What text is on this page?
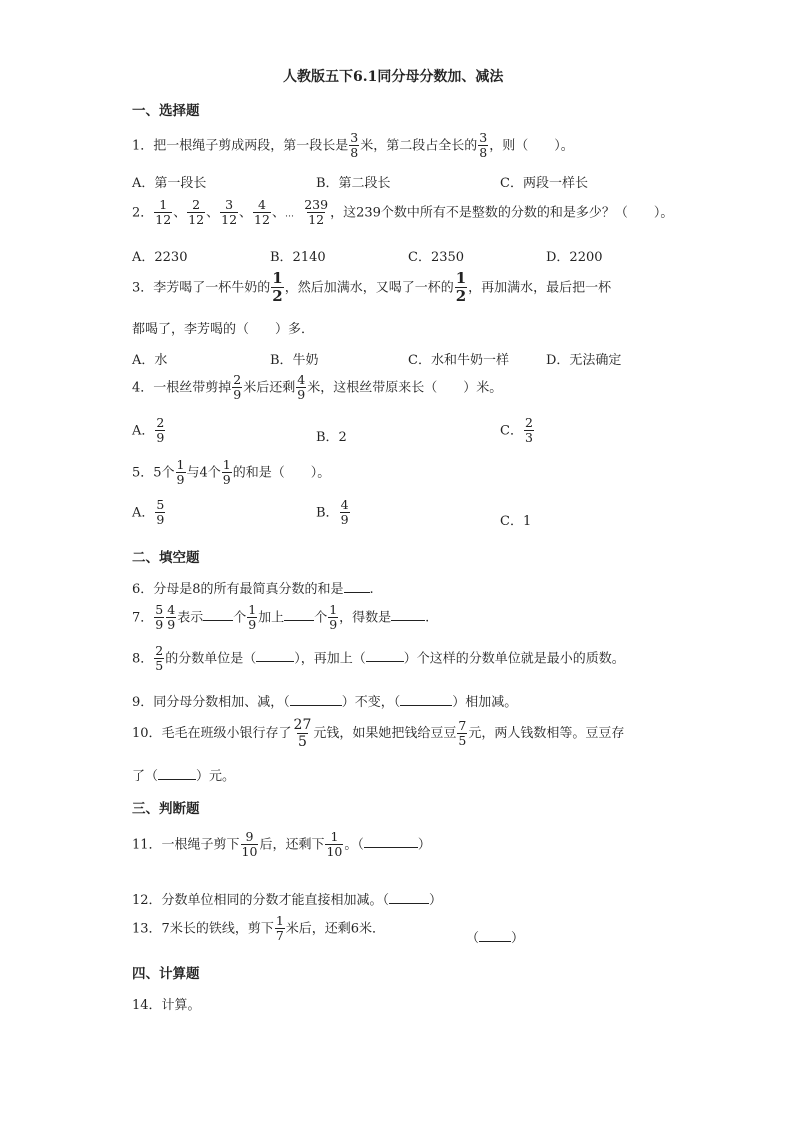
人教版五下6.1同分母分数加、减法
一、选择题
1．把一根绳子剪成两段，第一段长是 $\frac{3}{8}$ 米，第二段占全长的 $\frac{3}{8}$ ，则（　　）。
A．第一段长	B．第二段长	C．两段一样长
2． $\frac{1}{12}$ 、 $\frac{2}{12}$ 、 $\frac{3}{12}$ 、 $\frac{4}{12}$ 、… $\frac{239}{12}$ ，这239个数中所有不是整数的分数的和是多少？（　　）。
A．2230	B．2140	C．2350	D．2200
3．李芳喝了一杯牛奶的 $\frac{1}{2}$ ，然后加满水，又喝了一杯的 $\frac{1}{2}$ ，再加满水，最后把一杯
都喝了，李芳喝的（　　）多．
A．水	B．牛奶	C．水和牛奶一样	D．无法确定
4．一根丝带剪掉 $\frac{2}{9}$ 米后还剩 $\frac{4}{9}$ 米，这根丝带原来长（　　）米。
A． $\frac{2}{9}$	B．2	C． $\frac{2}{3}$
5．5个 $\frac{1}{9}$ 与4个 $\frac{1}{9}$ 的和是（　　）。
A． $\frac{5}{9}$	B． $\frac{4}{9}$	C．1
二、填空题
6．分母是8的所有最简真分数的和是 .
7． $\frac{5}{9} \frac{4}{9}$ 表示 个 $\frac{1}{9}$ 加上 个 $\frac{1}{9}$ ，得数是	.
8． $\frac{2}{5}$ 的分数单位是（	），再加上（	）个这样的分数单位就是最小的质数。
9．同分母分数相加、减，（	）不变，（	）相加减。
10．毛毛在班级小银行存了 $\frac{27}{5}$ 元钱，如果她把钱给豆豆 $\frac{7}{5}$ 元，两人钱数相等。豆豆存
了（	）元。
三、判断题
11．一根绳子剪下 $\frac{9}{10}$ 后，还剩下 $\frac{1}{10}$ 。（	）
12．分数单位相同的分数才能直接相加减。（	）
13．7米长的铁线，剪下 $\frac{1}{7}$ 米后，还剩6米．
（ ）
四、计算题
14．计算。
